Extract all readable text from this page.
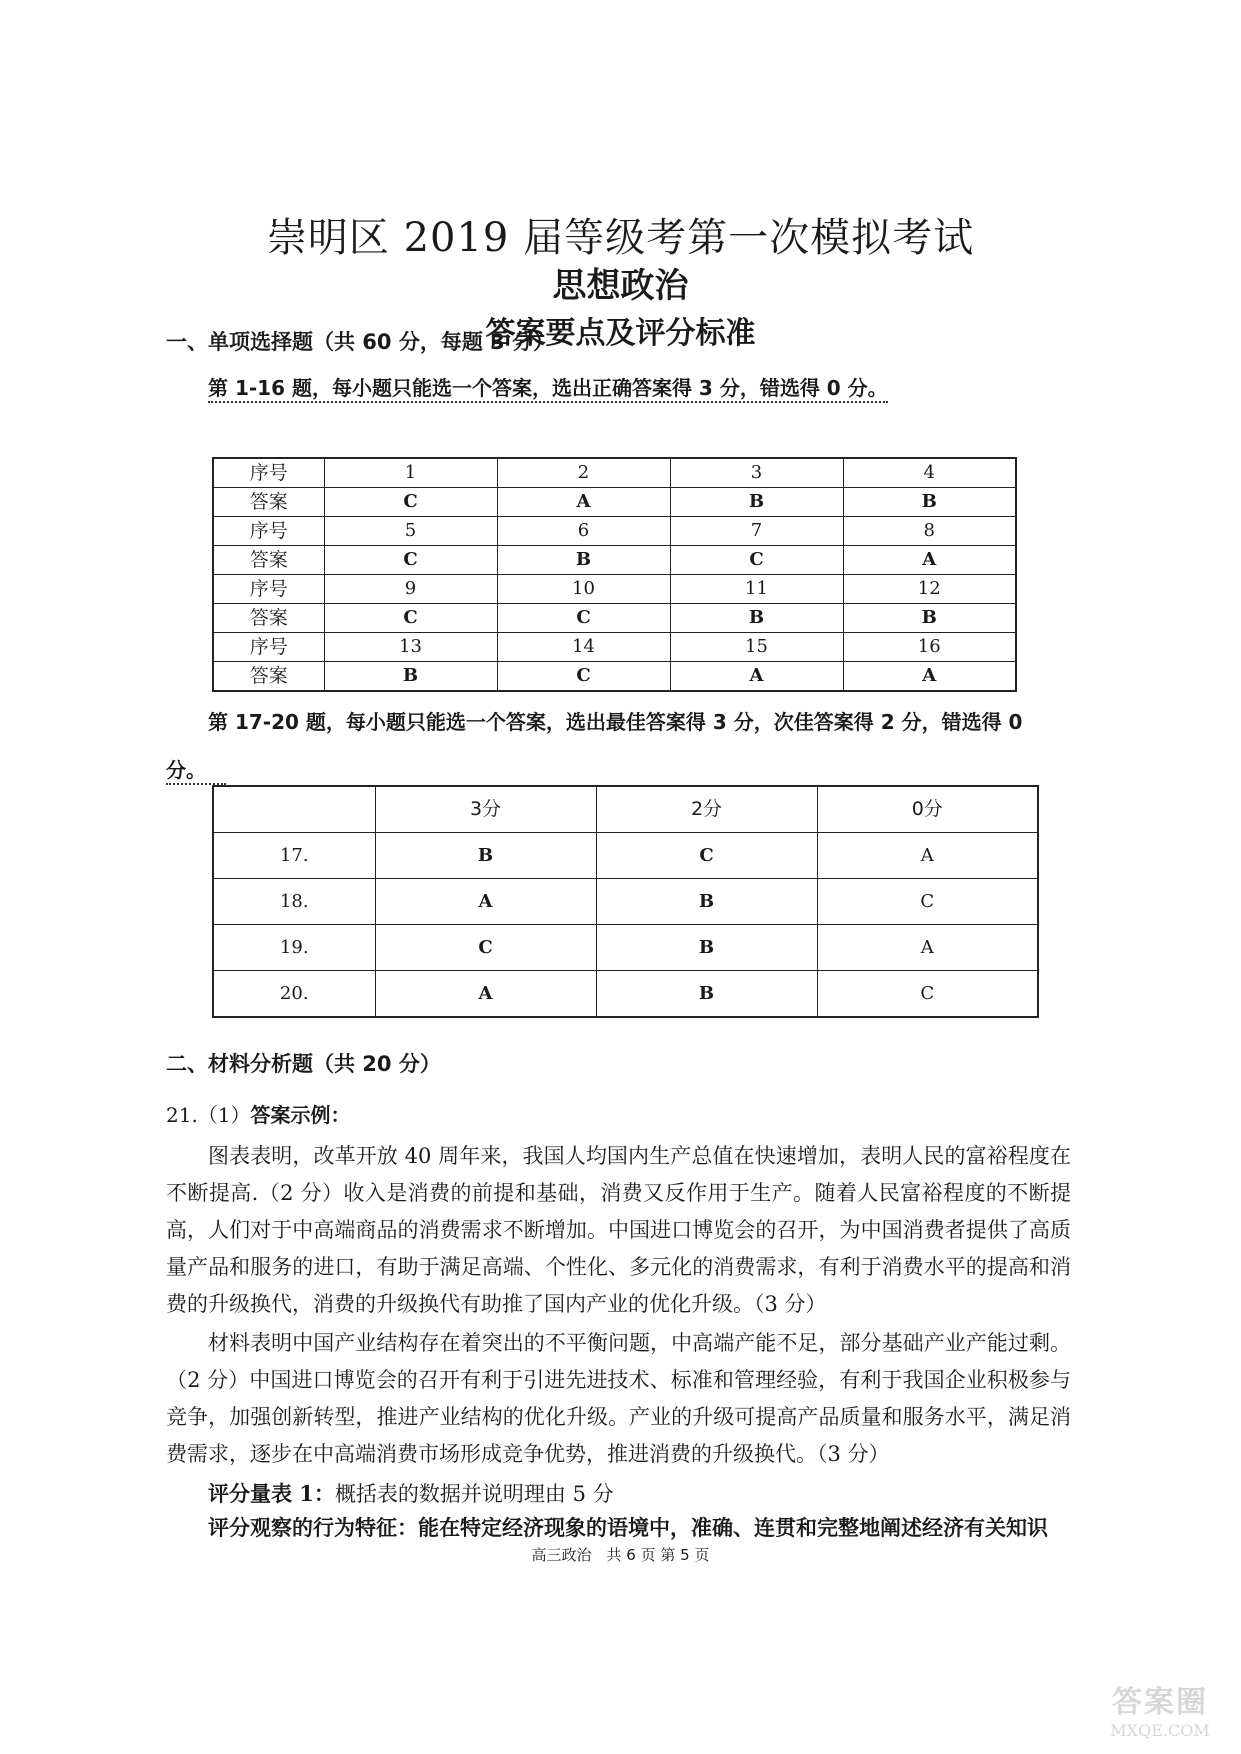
崇明区 2019 届等级考第一次模拟考试
思想政治
答案要点及评分标准
一、单项选择题（共 60 分，每题 3 分）
第 1-16 题，每小题只能选一个答案，选出正确答案得 3 分，错选得 0 分。
序号	1	2	3	4
答案	C	A	B	B
序号	5	6	7	8
答案	C	B	C	A
序号	9	10	11	12
答案	C	C	B	B
序号	13	14	15	16
答案	B	C	A	A
第 17-20 题，每小题只能选一个答案，选出最佳答案得 3 分，次佳答案得 2 分，错选得 0
分。
	3分	2分	0分
17.	B	C	A
18.	A	B	C
19.	C	B	A
20.	A	B	C
二、材料分析题（共 20 分）
21.（1）答案示例：

图表表明，改革开放 40 周年来，我国人均国内生产总值在快速增加，表明人民的富裕程度在不断提高.（2 分）收入是消费的前提和基础，消费又反作用于生产。随着人民富裕程度的不断提高，人们对于中高端商品的消费需求不断增加。中国进口博览会的召开，为中国消费者提供了高质量产品和服务的进口，有助于满足高端、个性化、多元化的消费需求，有利于消费水平的提高和消费的升级换代，消费的升级换代有助推了国内产业的优化升级。（3 分）

材料表明中国产业结构存在着突出的不平衡问题，中高端产能不足，部分基础产业产能过剩。（2 分）中国进口博览会的召开有利于引进先进技术、标准和管理经验，有利于我国企业积极参与竞争，加强创新转型，推进产业结构的优化升级。产业的升级可提高产品质量和服务水平，满足消费需求，逐步在中高端消费市场形成竞争优势，推进消费的升级换代。（3 分）

评分量表 1：概括表的数据并说明理由 5 分
评分观察的行为特征：能在特定经济现象的语境中，准确、连贯和完整地阐述经济有关知识
高三政治　共 6 页 第 5 页
答案圈
MXQE.COM
